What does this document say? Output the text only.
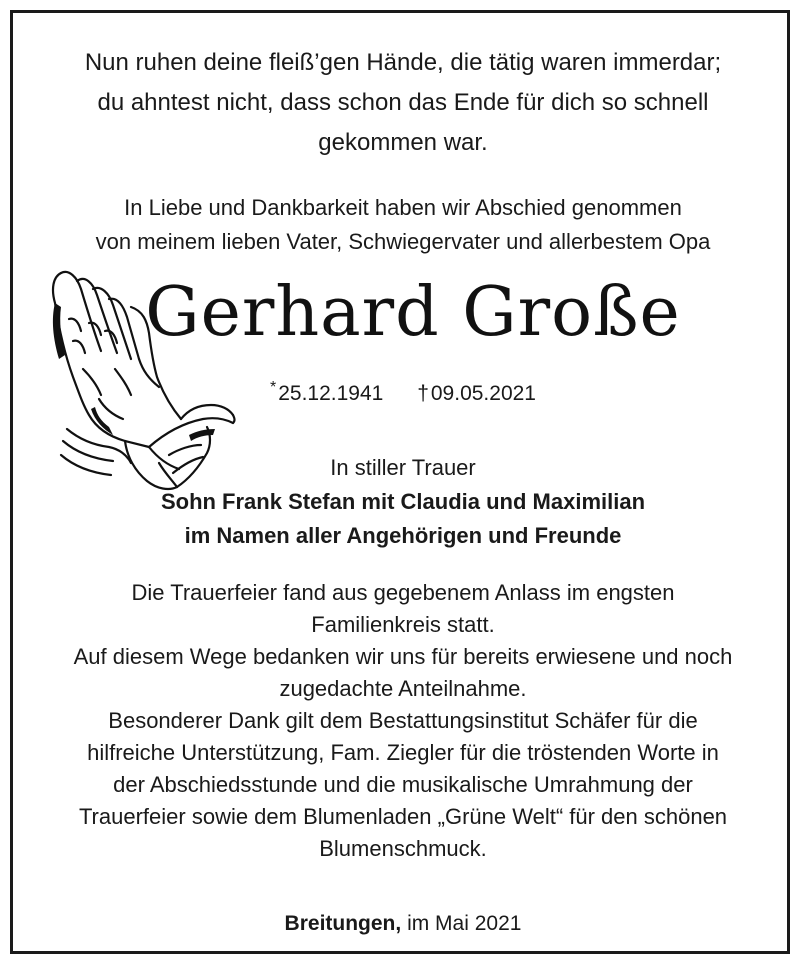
Nun ruhen deine fleiß’gen Hände, die tätig waren immerdar;
du ahntest nicht, dass schon das Ende für dich so schnell
gekommen war.
In Liebe und Dankbarkeit haben wir Abschied genommen
von meinem lieben Vater, Schwiegervater und allerbestem Opa
Gerhard Große
*25.12.1941 †09.05.2021
In stiller Trauer
Sohn Frank Stefan mit Claudia und Maximilian
im Namen aller Angehörigen und Freunde
Die Trauerfeier fand aus gegebenem Anlass im engsten
Familienkreis statt.
Auf diesem Wege bedanken wir uns für bereits erwiesene und noch
zugedachte Anteilnahme.
Besonderer Dank gilt dem Bestattungsinstitut Schäfer für die
hilfreiche Unterstützung, Fam. Ziegler für die tröstenden Worte in
der Abschiedsstunde und die musikalische Umrahmung der
Trauerfeier sowie dem Blumenladen „Grüne Welt“ für den schönen
Blumenschmuck.
Breitungen, im Mai 2021
